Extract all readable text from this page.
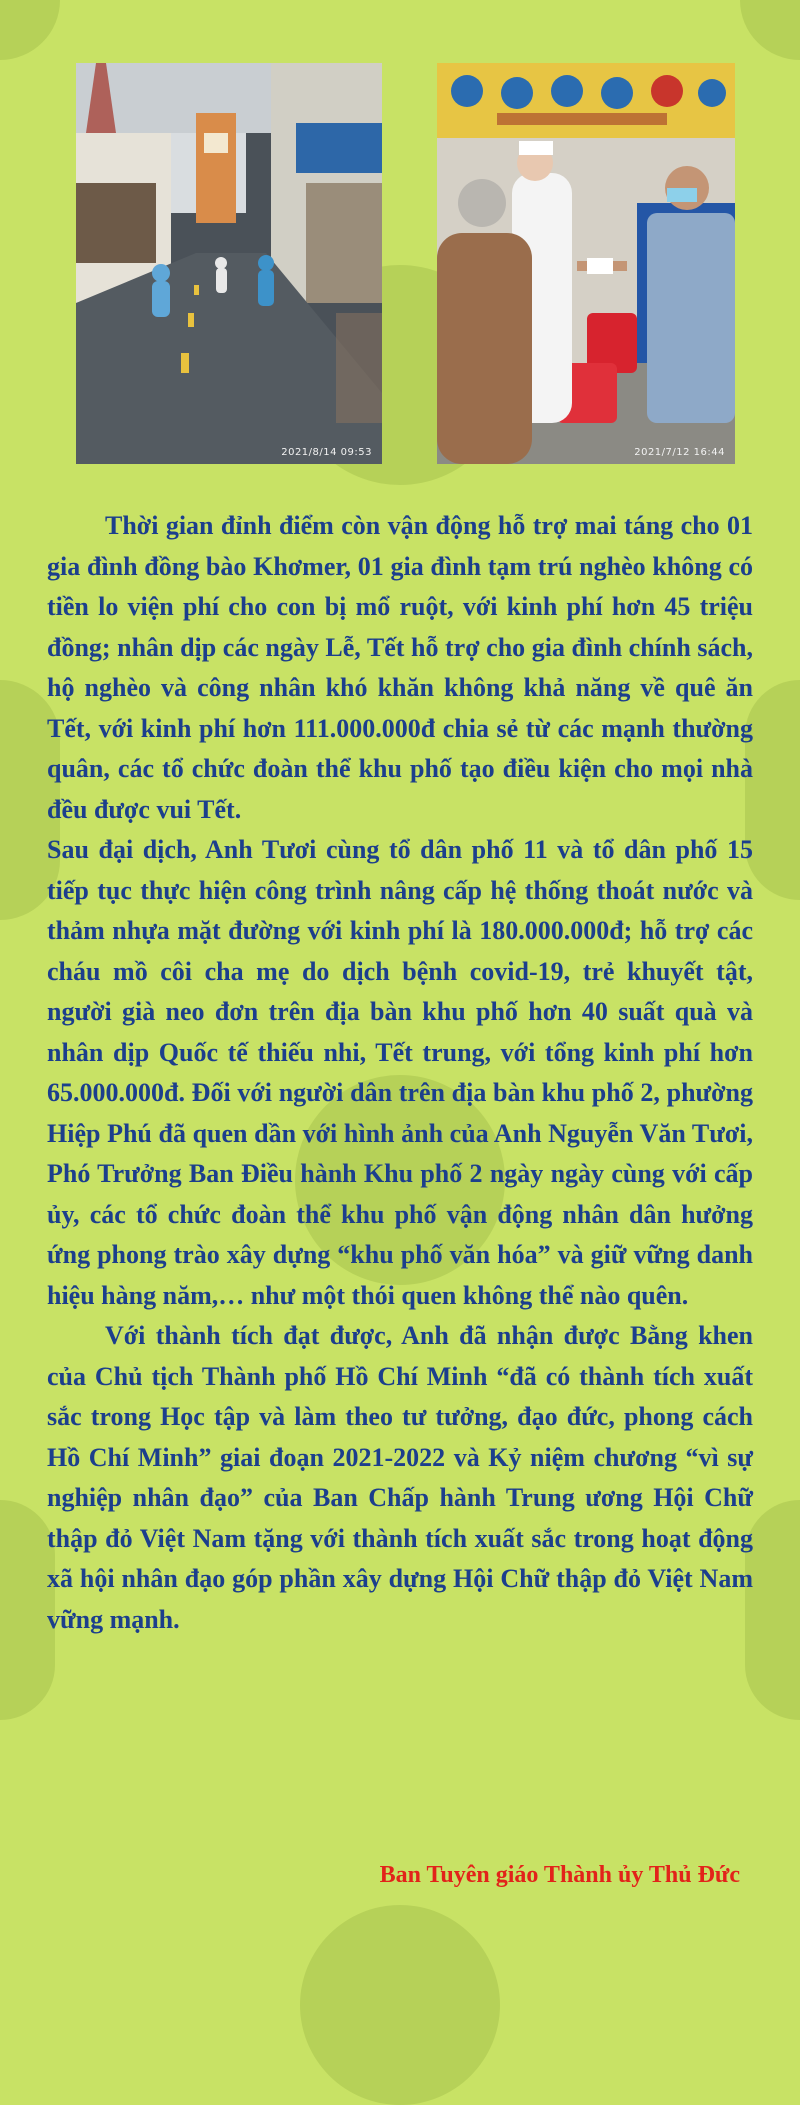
2021/8/14 09:53	2021/7/12 16:44

Thời gian đỉnh điểm còn vận động hỗ trợ mai táng cho 01 gia đình đồng bào Khơmer, 01 gia đình tạm trú nghèo không có tiền lo viện phí cho con bị mổ ruột, với kinh phí hơn 45 triệu đồng; nhân dịp các ngày Lễ, Tết hỗ trợ cho gia đình chính sách, hộ nghèo và công nhân khó khăn không khả năng về quê ăn Tết, với kinh phí hơn 111.000.000đ chia sẻ từ các mạnh thường quân, các tổ chức đoàn thể khu phố tạo điều kiện cho mọi nhà đều được vui Tết.

Sau đại dịch, Anh Tươi cùng tổ dân phố 11 và tổ dân phố 15 tiếp tục thực hiện công trình nâng cấp hệ thống thoát nước và thảm nhựa mặt đường với kinh phí là 180.000.000đ; hỗ trợ các cháu mồ côi cha mẹ do dịch bệnh covid-19, trẻ khuyết tật, người già neo đơn trên địa bàn khu phố hơn 40 suất quà và nhân dịp Quốc tế thiếu nhi, Tết trung, với tổng kinh phí hơn 65.000.000đ. Đối với người dân trên địa bàn khu phố 2, phường Hiệp Phú đã quen dần với hình ảnh của Anh Nguyễn Văn Tươi, Phó Trưởng Ban Điều hành Khu phố 2 ngày ngày cùng với cấp ủy, các tổ chức đoàn thể khu phố vận động nhân dân hưởng ứng phong trào xây dựng “khu phố văn hóa” và giữ vững danh hiệu hàng năm,… như một thói quen không thể nào quên.

Với thành tích đạt được, Anh đã nhận được Bằng khen của Chủ tịch Thành phố Hồ Chí Minh “đã có thành tích xuất sắc trong Học tập và làm theo tư tưởng, đạo đức, phong cách Hồ Chí Minh” giai đoạn 2021-2022 và Kỷ niệm chương “vì sự nghiệp nhân đạo” của Ban Chấp hành Trung ương Hội Chữ thập đỏ Việt Nam tặng với thành tích xuất sắc trong hoạt động xã hội nhân đạo góp phần xây dựng Hội Chữ thập đỏ Việt Nam vững mạnh.

Ban Tuyên giáo Thành ủy Thủ Đức
